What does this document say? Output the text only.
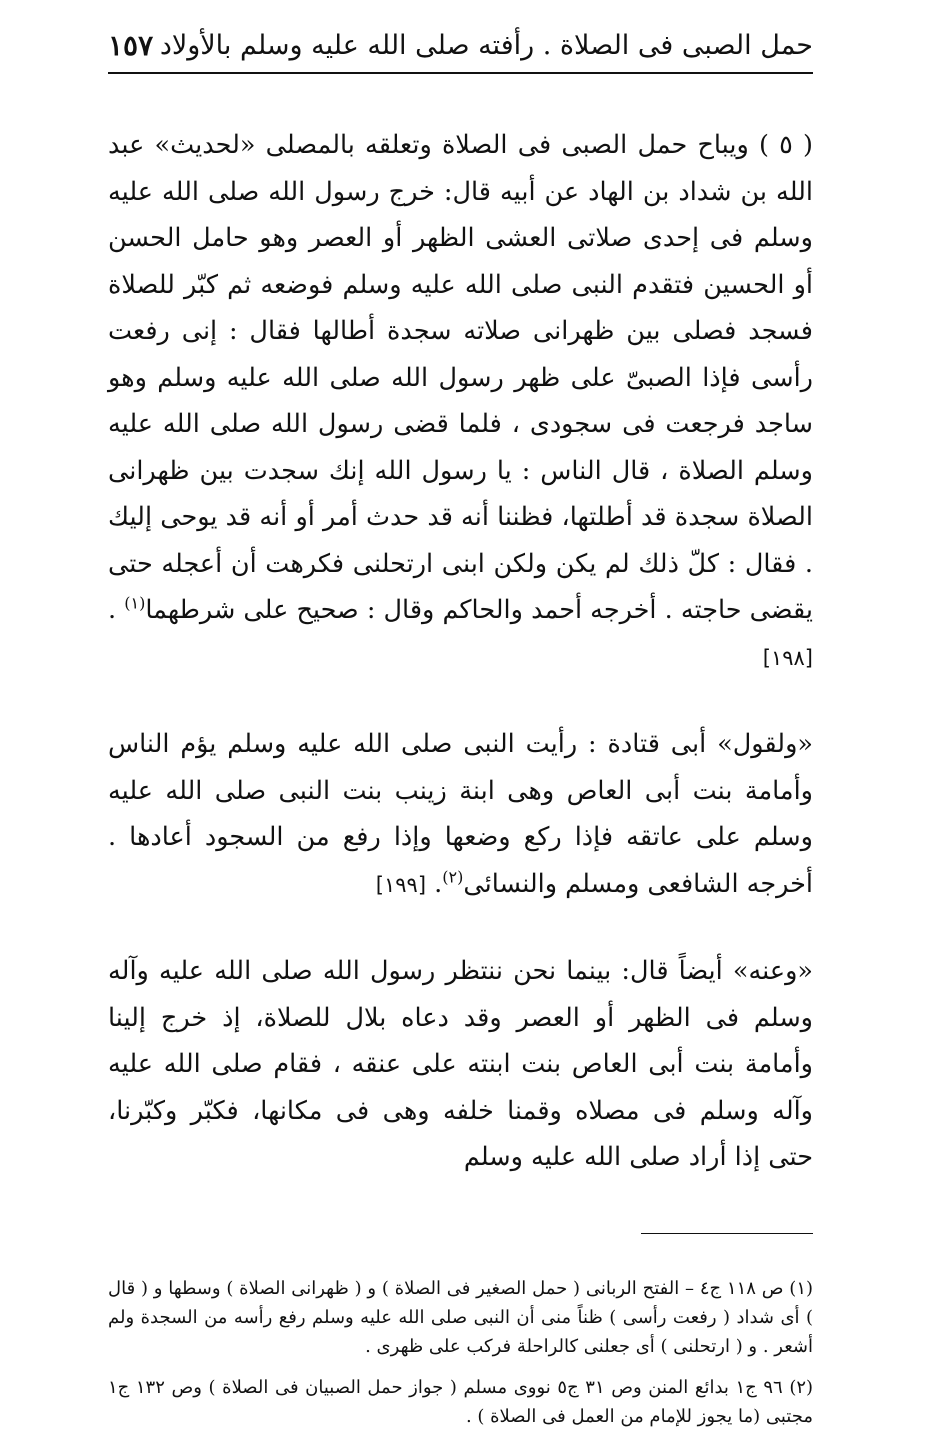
حمل الصبى فى الصلاة . رأفته صلى الله عليه وسلم بالأولاد
١٥٧

( ٥ ) ويباح حمل الصبى فى الصلاة وتعلقه بالمصلى «لحديث» عبد الله بن شداد بن الهاد عن أبيه قال: خرج رسول الله صلى الله عليه وسلم فى إحدى صلاتى العشى الظهر أو العصر وهو حامل الحسن أو الحسين فتقدم النبى صلى الله عليه وسلم فوضعه ثم كبّر للصلاة فسجد فصلى بين ظهرانى صلاته سجدة أطالها فقال : إنى رفعت رأسى فإذا الصبىّ على ظهر رسول الله صلى الله عليه وسلم وهو ساجد فرجعت فى سجودى ، فلما قضى رسول الله صلى الله عليه وسلم الصلاة ، قال الناس : يا رسول الله إنك سجدت بين ظهرانى الصلاة سجدة قد أطلتها، فظننا أنه قد حدث أمر أو أنه قد يوحى إليك . فقال : كلّ ذلك لم يكن ولكن ابنى ارتحلنى فكرهت أن أعجله حتى يقضى حاجته . أخرجه أحمد والحاكم وقال : صحيح على شرطهما$^{(١)}$ . [١٩٨]

«ولقول» أبى قتادة : رأيت النبى صلى الله عليه وسلم يؤم الناس وأمامة بنت أبى العاص وهى ابنة زينب بنت النبى صلى الله عليه وسلم على عاتقه فإذا ركع وضعها وإذا رفع من السجود أعادها . أخرجه الشافعى ومسلم والنسائى$^{(٢)}$. [١٩٩]

«وعنه» أيضاً قال: بينما نحن ننتظر رسول الله صلى الله عليه وآله وسلم فى الظهر أو العصر وقد دعاه بلال للصلاة، إذ خرج إلينا وأمامة بنت أبى العاص بنت ابنته على عنقه ، فقام صلى الله عليه وآله وسلم فى مصلاه وقمنا خلفه وهى فى مكانها، فكبّر وكبّرنا، حتى إذا أراد صلى الله عليه وسلم

(١) ص ١١٨ ج٤ – الفتح الربانى ( حمل الصغير فى الصلاة ) و ( ظهرانى الصلاة ) وسطها و ( قال ) أى شداد ( رفعت رأسى ) ظناً منى أن النبى صلى الله عليه وسلم رفع رأسه من السجدة ولم أشعر . و ( ارتحلنى ) أى جعلنى كالراحلة فركب على ظهرى .

(٢) ٩٦ ج١ بدائع المنن وص ٣١ ج٥ نووى مسلم ( جواز حمل الصبيان فى الصلاة ) وص ١٣٢ ج١ مجتبى (ما يجوز للإمام من العمل فى الصلاة ) .
